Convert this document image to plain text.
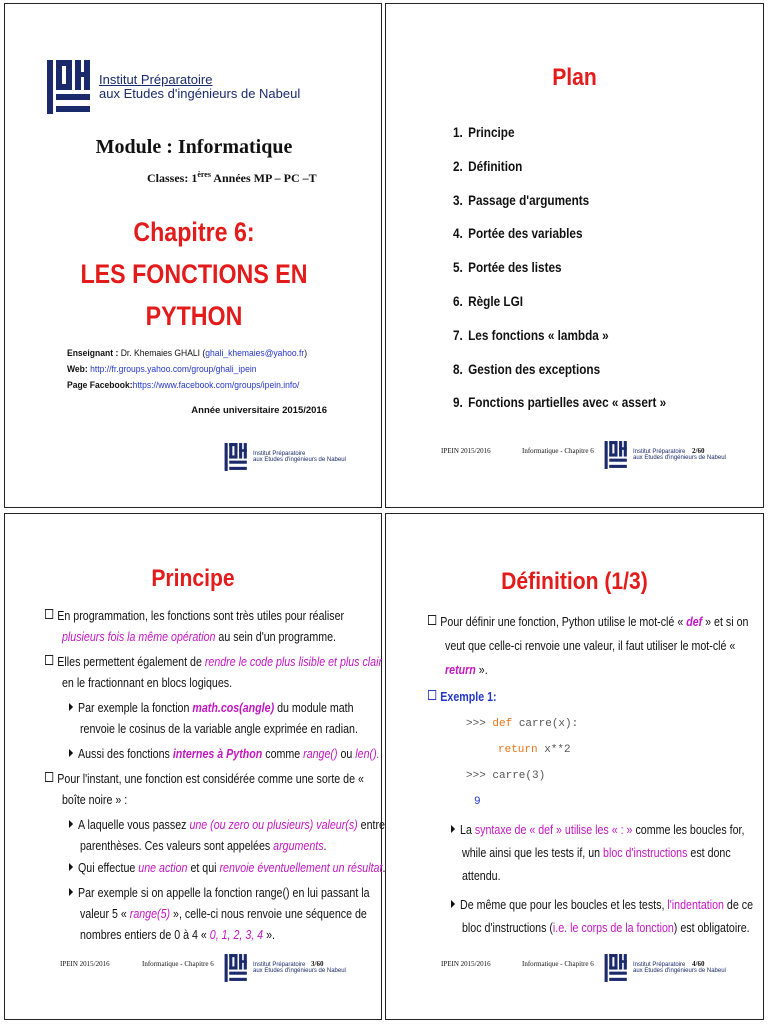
Institut Préparatoire
aux Etudes d'ingénieurs de Nabeul
Module : Informatique
Classes: 1ères Années MP – PC –T
Chapitre 6:
LES FONCTIONS EN
PYTHON
Enseignant : Dr. Khemaies GHALI (ghali_khemaies@yahoo.fr)
Web: http://fr.groups.yahoo.com/group/ghali_ipein
Page Facebook:https://www.facebook.com/groups/ipein.info/
Année universitaire 2015/2016
Institut Préparatoire
aux Etudes d'ingénieurs de Nabeul
Plan
1. Principe
2. Définition
3. Passage d'arguments
4. Portée des variables
5. Portée des listes
6. Règle LGI
7. Les fonctions « lambda »
8. Gestion des exceptions
9. Fonctions partielles avec « assert »
IPEIN 2015/2016	Informatique - Chapitre 6	Institut Préparatoire
aux Etudes d'ingénieurs de Nabeul
2/60
Principe
En programmation, les fonctions sont très utiles pour réaliser
plusieurs fois la même opération au sein d'un programme.
Elles permettent également de rendre le code plus lisible et plus clair
en le fractionnant en blocs logiques.
Par exemple la fonction math.cos(angle) du module math
renvoie le cosinus de la variable angle exprimée en radian.
Aussi des fonctions internes à Python comme range() ou len().
Pour l'instant, une fonction est considérée comme une sorte de «
boîte noire » :
A laquelle vous passez une (ou zero ou plusieurs) valeur(s) entre
parenthèses. Ces valeurs sont appelées arguments.
Qui effectue une action et qui renvoie éventuellement un résultat.
Par exemple si on appelle la fonction range() en lui passant la
valeur 5 « range(5) », celle-ci nous renvoie une séquence de
nombres entiers de 0 à 4 « 0, 1, 2, 3, 4 ».
IPEIN 2015/2016	Informatique - Chapitre 6	Institut Préparatoire
aux Etudes d'ingénieurs de Nabeul
3/60
Définition (1/3)
Pour définir une fonction, Python utilise le mot-clé « def » et si on
veut que celle-ci renvoie une valeur, il faut utiliser le mot-clé «
return ».
Exemple 1:
>>> def carre(x):
return x**2
>>> carre(3)
9
La syntaxe de « def » utilise les « : » comme les boucles for,
while ainsi que les tests if, un bloc d'instructions est donc
attendu.
De même que pour les boucles et les tests, l'indentation de ce
bloc d'instructions (i.e. le corps de la fonction) est obligatoire.
IPEIN 2015/2016	Informatique - Chapitre 6	Institut Préparatoire
aux Etudes d'ingénieurs de Nabeul
4/60
